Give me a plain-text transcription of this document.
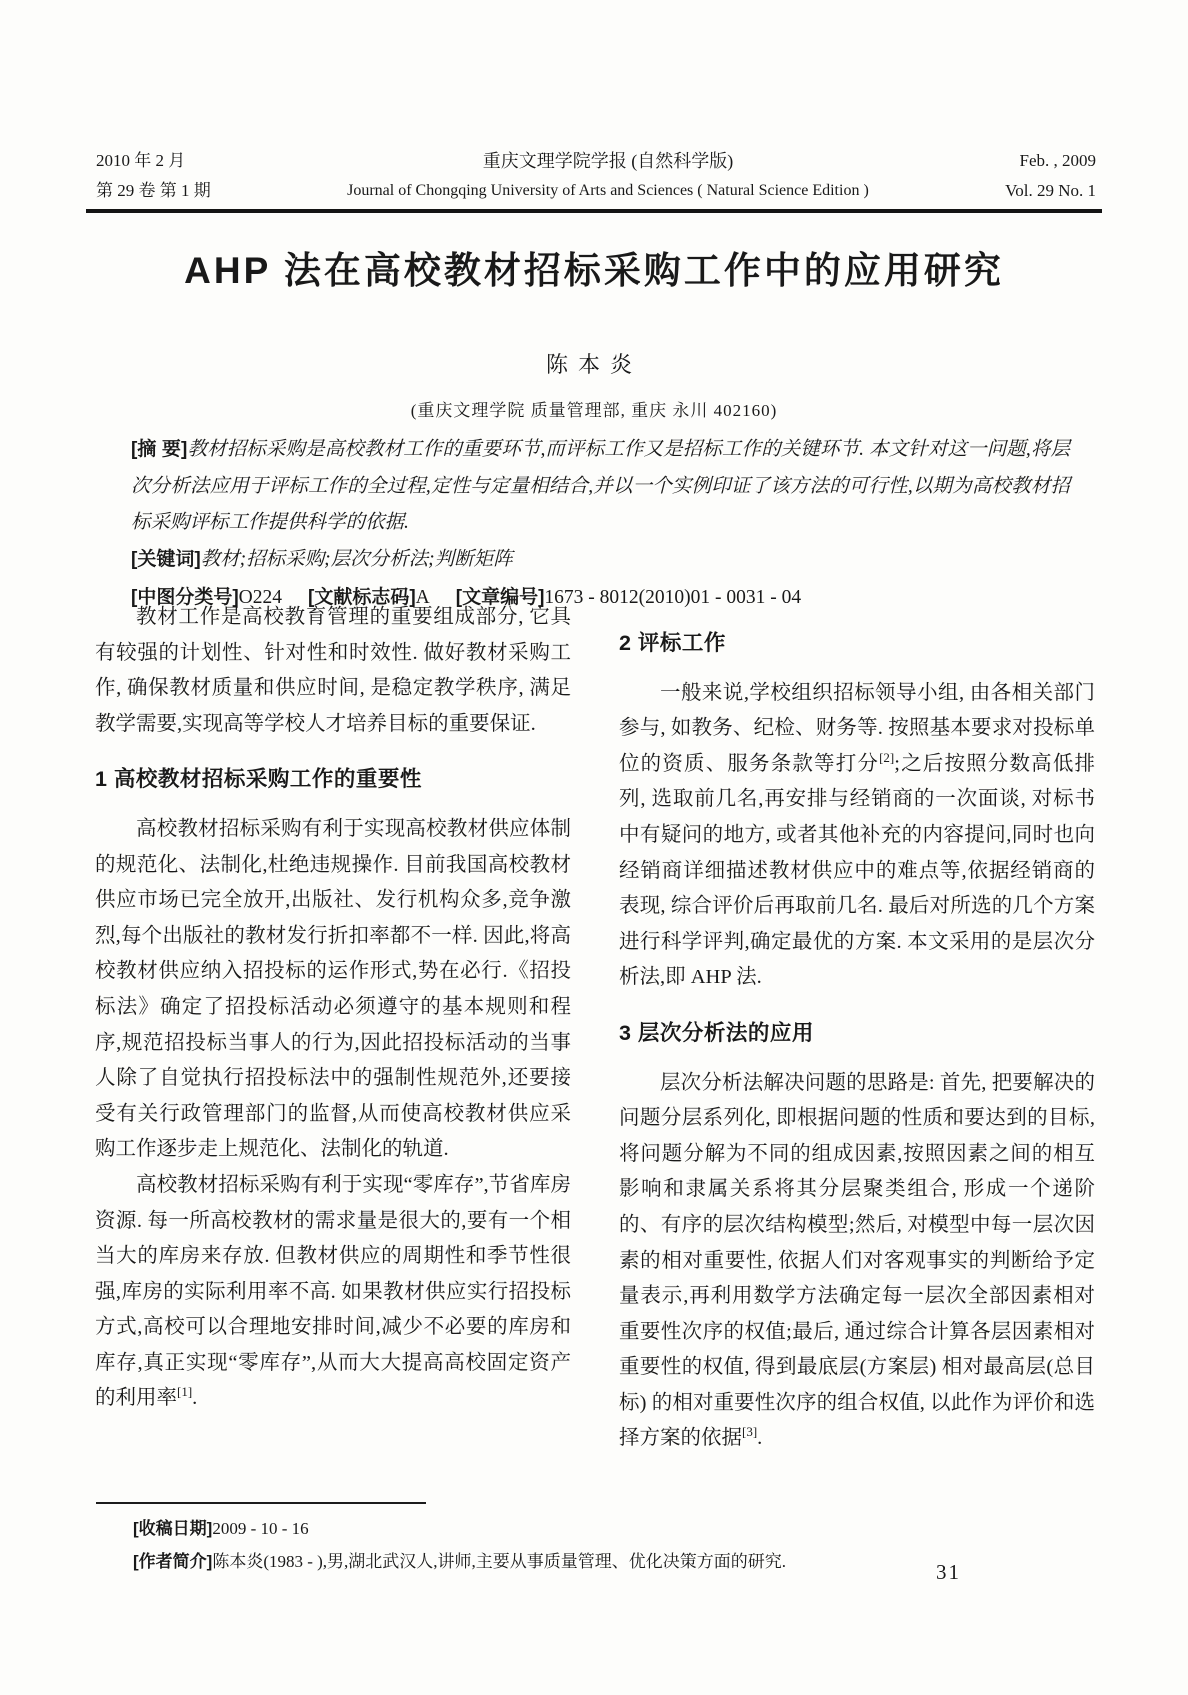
2010 年 2 月
第 29 卷 第 1 期
重庆文理学院学报 (自然科学版)
Journal of Chongqing University of Arts and Sciences ( Natural Science Edition )
Feb. , 2009
Vol. 29 No. 1
AHP 法在高校教材招标采购工作中的应用研究
陈本炎
(重庆文理学院 质量管理部, 重庆 永川 402160)

[摘 要]教材招标采购是高校教材工作的重要环节,而评标工作又是招标工作的关键环节. 本文针对这一问题,将层次分析法应用于评标工作的全过程,定性与定量相结合,并以一个实例印证了该方法的可行性,以期为高校教材招标采购评标工作提供科学的依据.

[关键词]教材;招标采购;层次分析法;判断矩阵

[中图分类号]O224 [文献标志码]A [文章编号]1673 - 8012(2010)01 - 0031 - 04

教材工作是高校教育管理的重要组成部分, 它具有较强的计划性、针对性和时效性. 做好教材采购工作, 确保教材质量和供应时间, 是稳定教学秩序, 满足教学需要,实现高等学校人才培养目标的重要保证.

1 高校教材招标采购工作的重要性

高校教材招标采购有利于实现高校教材供应体制的规范化、法制化,杜绝违规操作. 目前我国高校教材供应市场已完全放开,出版社、发行机构众多,竞争激烈,每个出版社的教材发行折扣率都不一样. 因此,将高校教材供应纳入招投标的运作形式,势在必行.《招投标法》确定了招投标活动必须遵守的基本规则和程序,规范招投标当事人的行为,因此招投标活动的当事人除了自觉执行招投标法中的强制性规范外,还要接受有关行政管理部门的监督,从而使高校教材供应采购工作逐步走上规范化、法制化的轨道.

高校教材招标采购有利于实现“零库存”,节省库房资源. 每一所高校教材的需求量是很大的,要有一个相当大的库房来存放. 但教材供应的周期性和季节性很强,库房的实际利用率不高. 如果教材供应实行招投标方式,高校可以合理地安排时间,减少不必要的库房和库存,真正实现“零库存”,从而大大提高高校固定资产的利用率[1].

2 评标工作

一般来说,学校组织招标领导小组, 由各相关部门参与, 如教务、纪检、财务等. 按照基本要求对投标单位的资质、服务条款等打分[2];之后按照分数高低排列, 选取前几名,再安排与经销商的一次面谈, 对标书中有疑问的地方, 或者其他补充的内容提问,同时也向经销商详细描述教材供应中的难点等,依据经销商的表现, 综合评价后再取前几名. 最后对所选的几个方案进行科学评判,确定最优的方案. 本文采用的是层次分析法,即 AHP 法.

3 层次分析法的应用

层次分析法解决问题的思路是: 首先, 把要解决的问题分层系列化, 即根据问题的性质和要达到的目标, 将问题分解为不同的组成因素,按照因素之间的相互影响和隶属关系将其分层聚类组合, 形成一个递阶的、有序的层次结构模型;然后, 对模型中每一层次因素的相对重要性, 依据人们对客观事实的判断给予定量表示,再利用数学方法确定每一层次全部因素相对重要性次序的权值;最后, 通过综合计算各层因素相对重要性的权值, 得到最底层(方案层) 相对最高层(总目标) 的相对重要性次序的组合权值, 以此作为评价和选择方案的依据[3].

[收稿日期]2009 - 10 - 16
[作者简介]陈本炎(1983 - ),男,湖北武汉人,讲师,主要从事质量管理、优化决策方面的研究.	31
